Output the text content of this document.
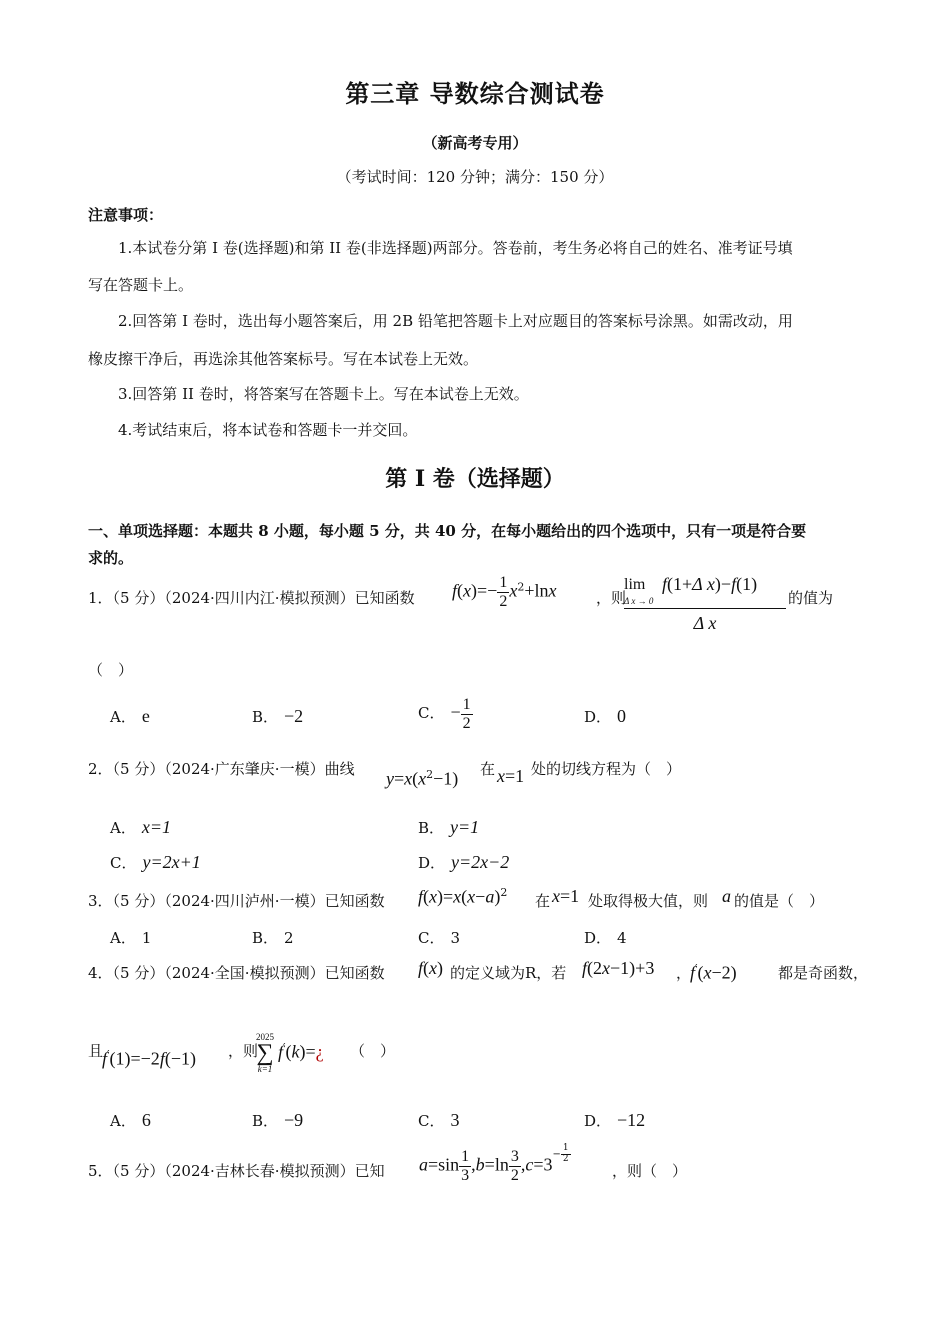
第三章 导数综合测试卷
（新高考专用）
（考试时间：120 分钟；满分：150 分）
注意事项：
1.本试卷分第 I 卷(选择题)和第 II 卷(非选择题)两部分。答卷前，考生务必将自己的姓名、准考证号填
写在答题卡上。
2.回答第 I 卷时，选出每小题答案后，用 2B 铅笔把答题卡上对应题目的答案标号涂黑。如需改动，用
橡皮擦干净后，再选涂其他答案标号。写在本试卷上无效。
3.回答第 II 卷时，将答案写在答题卡上。写在本试卷上无效。
4.考试结束后，将本试卷和答题卡一并交回。
第 I 卷（选择题）
一、单项选择题：本题共 8 小题，每小题 5 分，共 40 分，在每小题给出的四个选项中，只有一项是符合要
求的。
1．（5 分）（2024·四川内江·模拟预测）已知函数 $f(x)=- \frac{1}{2} x^2+\ln x$	，则
lim
Δ x → 0
f(1+Δ x)−f(1)
Δ x
的值为
（　）
A． e	B． −2	C． − $\frac{1}{2}$	D． 0
2．（5 分）（2024·广东肇庆·一模）曲线 $y=x(x^2-1)$ 在 x=1 处的切线方程为（　）
A． x=1	B． y=1
C． y=2x+1	D． y=2x−2
3．（5 分）（2024·四川泸州·一模）已知函数 $f(x)=x(x-a)^2$ 在 x=1 处取得极大值，则 a 的值是（　）
A． 1	B． 2	C． 3	D． 4
4．（5 分）（2024·全国·模拟预测）已知函数 f(x) 的定义域为R，若 f(2x−1)+3 ，
f′(x−2)	都是奇函数，
且
f′(1)=−2f(−1) ，则
2025
∑
k=1
f′(k)=¿ （　）
A． 6	B． −9	C． 3	D． −12
5．（5 分）（2024·吉林长春·模拟预测）已知 $a=\sin \frac{1}{3} ,b=\ln \frac{3}{2} ,c=3- \frac{1}{2}$
，则（　）
